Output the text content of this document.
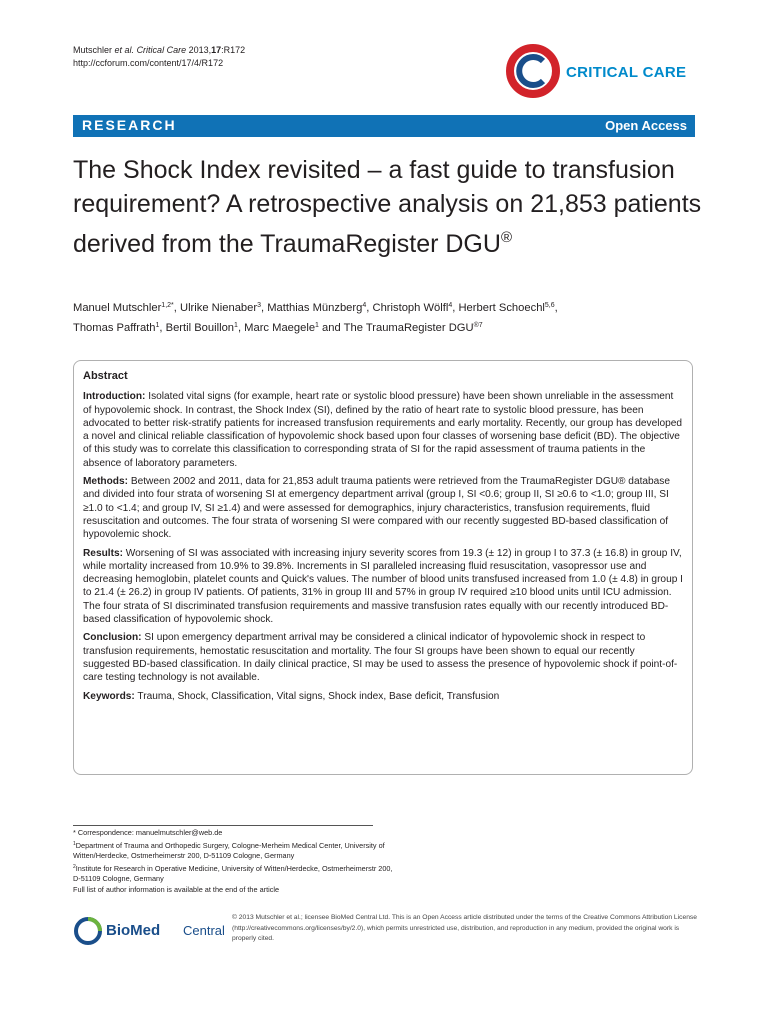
Mutschler et al. Critical Care 2013,17:R172
http://ccforum.com/content/17/4/R172
CRITICAL CARE
RESEARCH	Open Access
The Shock Index revisited – a fast guide to transfusion requirement? A retrospective analysis on 21,853 patients derived from the TraumaRegister DGU®
Manuel Mutschler$^{1,2*}$, Ulrike Nienaber$^3$, Matthias Münzberg$^4$, Christoph Wölfl$^4$, Herbert Schoechl$^{5,6}$,
Thomas Paffrath$^1$, Bertil Bouillon$^1$, Marc Maegele$^1$ and The TraumaRegister $DGU^{®7}$
Abstract

Introduction: Isolated vital signs (for example, heart rate or systolic blood pressure) have been shown unreliable in the assessment of hypovolemic shock. In contrast, the Shock Index (SI), defined by the ratio of heart rate to systolic blood pressure, has been advocated to better risk-stratify patients for increased transfusion requirements and early mortality. Recently, our group has developed a novel and clinical reliable classification of hypovolemic shock based upon four classes of worsening base deficit (BD). The objective of this study was to correlate this classification to corresponding strata of SI for the rapid assessment of trauma patients in the absence of laboratory parameters.

Methods: Between 2002 and 2011, data for 21,853 adult trauma patients were retrieved from the TraumaRegister DGU® database and divided into four strata of worsening SI at emergency department arrival (group I, SI <0.6; group II, SI ≥0.6 to <1.0; group III, SI ≥1.0 to <1.4; and group IV, SI ≥1.4) and were assessed for demographics, injury characteristics, transfusion requirements, fluid resuscitation and outcomes. The four strata of worsening SI were compared with our recently suggested BD-based classification of hypovolemic shock.

Results: Worsening of SI was associated with increasing injury severity scores from 19.3 (± 12) in group I to 37.3 (± 16.8) in group IV, while mortality increased from 10.9% to 39.8%. Increments in SI paralleled increasing fluid resuscitation, vasopressor use and decreasing hemoglobin, platelet counts and Quick's values. The number of blood units transfused increased from 1.0 (± 4.8) in group I to 21.4 (± 26.2) in group IV patients. Of patients, 31% in group III and 57% in group IV required ≥10 blood units until ICU admission. The four strata of SI discriminated transfusion requirements and massive transfusion rates equally with our recently introduced BD-based classification of hypovolemic shock.

Conclusion: SI upon emergency department arrival may be considered a clinical indicator of hypovolemic shock in respect to transfusion requirements, hemostatic resuscitation and mortality. The four SI groups have been shown to equal our recently suggested BD-based classification. In daily clinical practice, SI may be used to assess the presence of hypovolemic shock if point-of-care testing technology is not available.

Keywords: Trauma, Shock, Classification, Vital signs, Shock index, Base deficit, Transfusion

* Correspondence: manuelmutschler@web.de

$^1$Department of Trauma and Orthopedic Surgery, Cologne-Merheim Medical Center, University of Witten/Herdecke, Ostmerheimerstr 200, D-51109 Cologne, Germany

$^2$Institute for Research in Operative Medicine, University of Witten/Herdecke, Ostmerheimerstr 200, D-51109 Cologne, Germany

Full list of author information is available at the end of the article

BioMed Central
© 2013 Mutschler et al.; licensee BioMed Central Ltd. This is an Open Access article distributed under the terms of the Creative Commons Attribution License (http://creativecommons.org/licenses/by/2.0), which permits unrestricted use, distribution, and reproduction in any medium, provided the original work is properly cited.
